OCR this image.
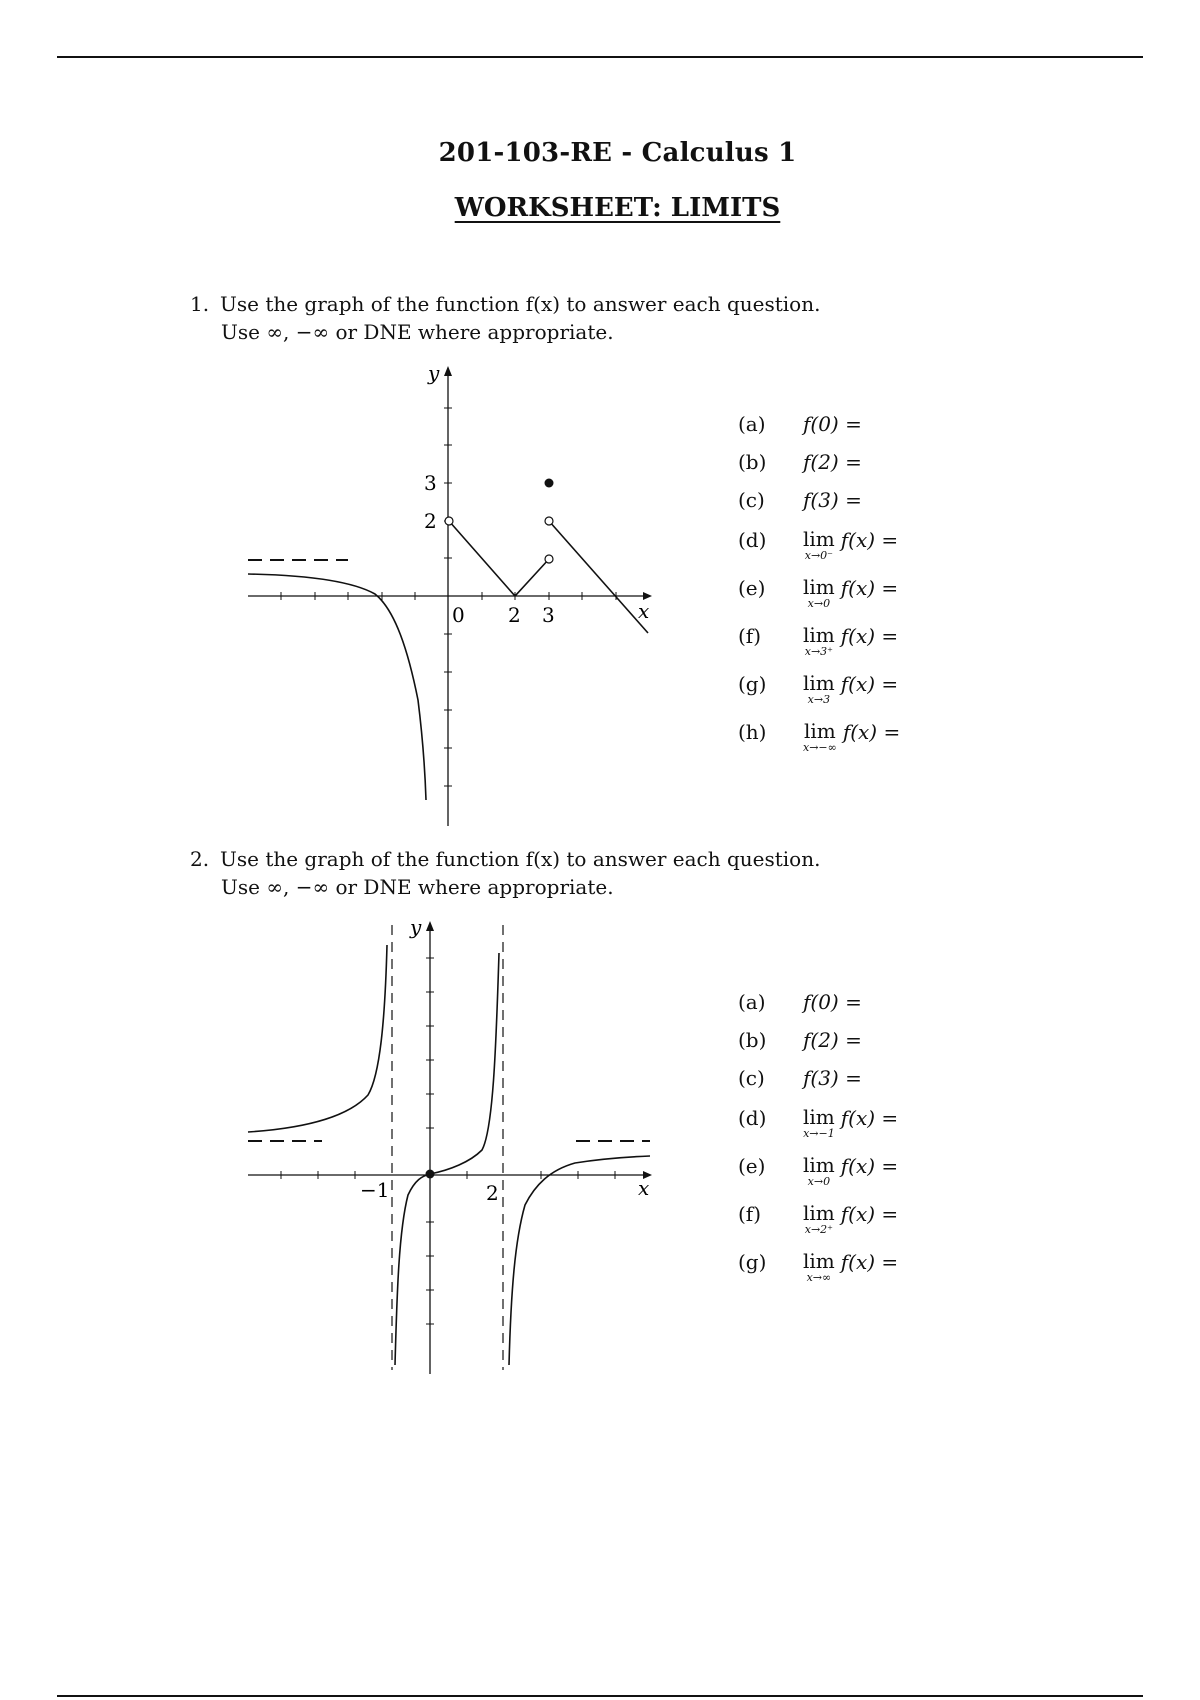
201-103-RE - Calculus 1
WORKSHEET: LIMITS
1. Use the graph of the function f(x) to answer each question.
Use ∞, −∞ or DNE where appropriate.
y
x
3
2
0 2 3
(a) f(0) =
(b) f(2) =
(c) f(3) =
(d) lim
x→0⁻
f(x) =
(e) lim
x→0
f(x) =
(f) lim
x→3⁺
f(x) =
(g) lim
x→3
f(x) =
(h) lim
x→−∞
f(x) =
2. Use the graph of the function f(x) to answer each question.
Use ∞, −∞ or DNE where appropriate.
y
x
−1	2
(a) f(0) =
(b) f(2) =
(c) f(3) =
(d) lim
x→−1
f(x) =
(e) lim
x→0
f(x) =
(f) lim
x→2⁺
f(x) =
(g) lim
x→∞
f(x) =
